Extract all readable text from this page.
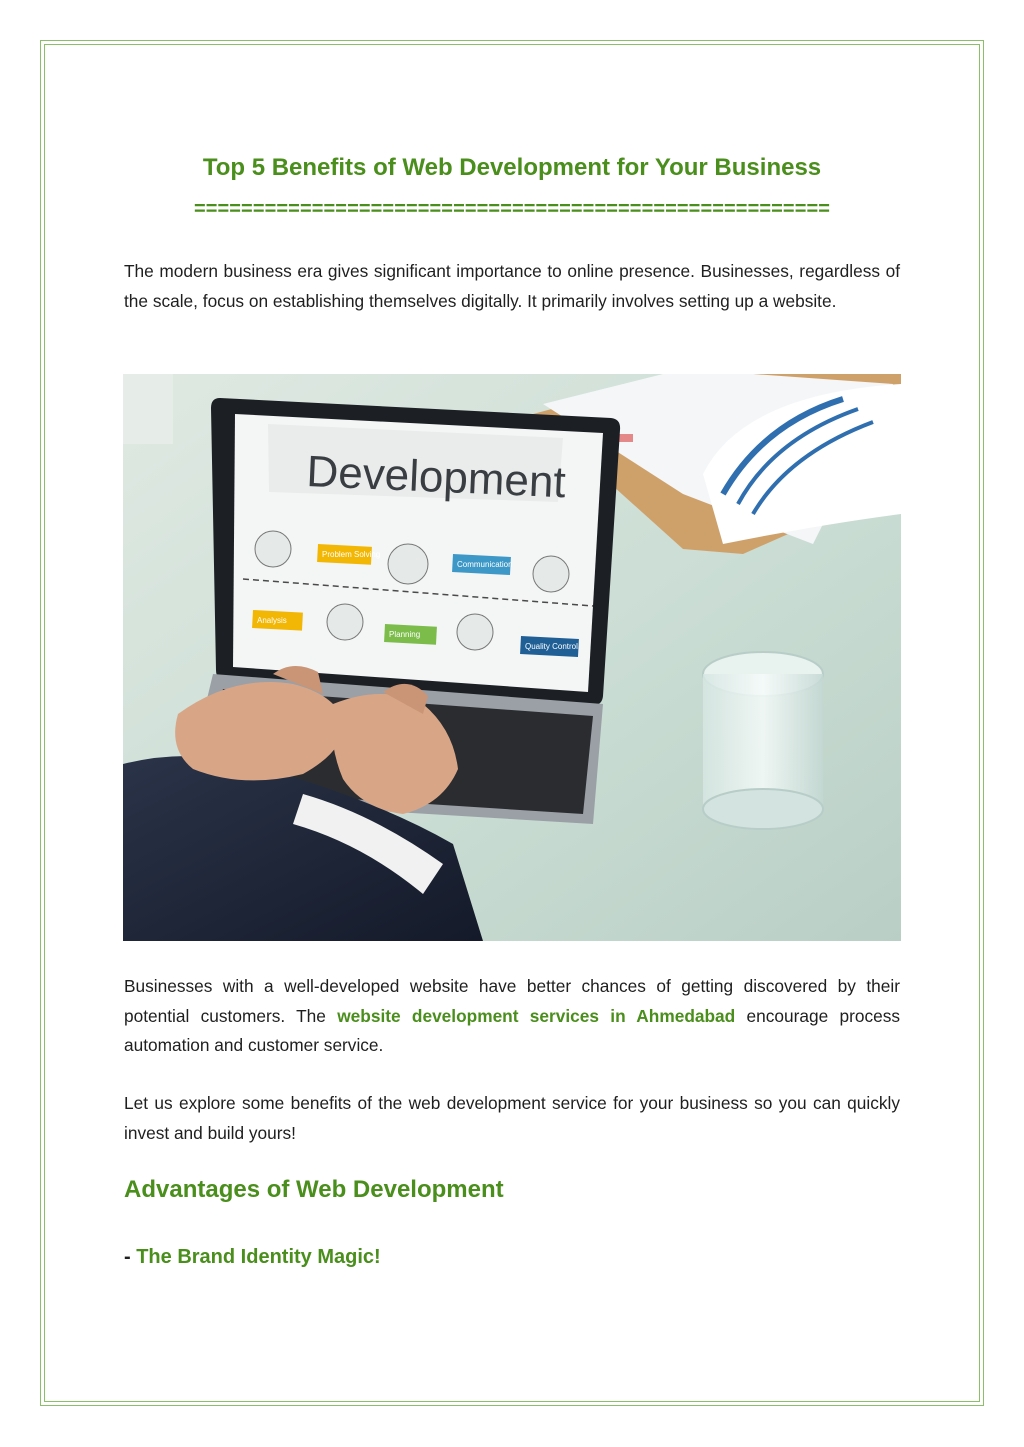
Top 5 Benefits of Web Development for Your Business
======================================================
The modern business era gives significant importance to online presence. Businesses, regardless of the scale, focus on establishing themselves digitally. It primarily involves setting up a website.
Development
Problem Solving
Communication
Analysis
Planning
Quality Control
Businesses with a well-developed website have better chances of getting discovered by their potential customers. The website development services in Ahmedabad encourage process automation and customer service.
Let us explore some benefits of the web development service for your business so you can quickly invest and build yours!
Advantages of Web Development
- The Brand Identity Magic!
